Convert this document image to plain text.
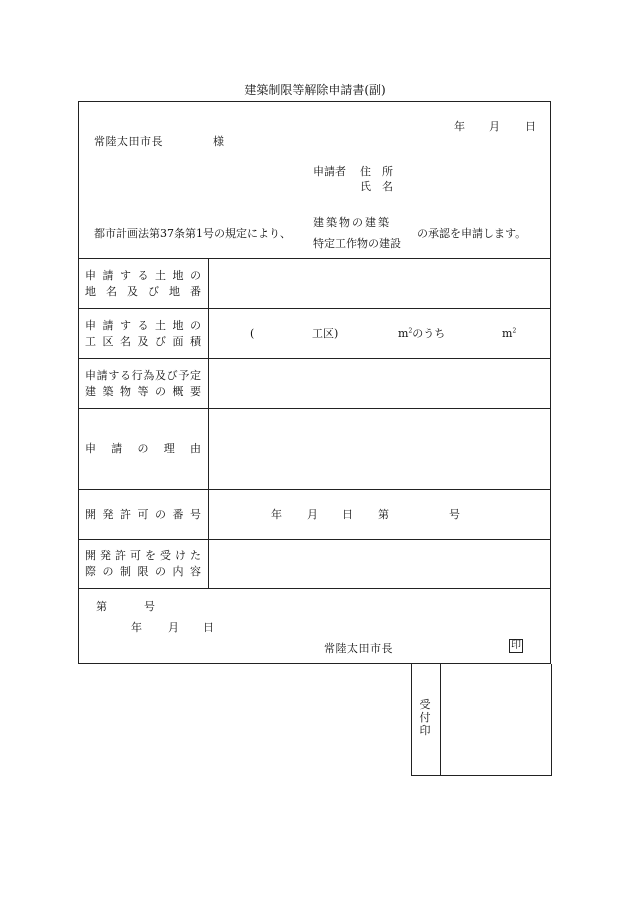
建築制限等解除申請書(副)
年 月 日
常陸太田市長	様
申請者 住　所
氏　名
都市計画法第37条第1号の規定により、
建築物の建築
特定工作物の建設
の承認を申請します。
申請する土地の
地名及び地番
申請する土地の
工区名及び面積
(	工区)	$m^2$のうち	$m^2$
申請する行為及び予定
建築物等の概要
申請の理由
開発許可の番号	年 月 日 第	号
開発許可を受けた
際の制限の内容
第	号
年 月 日
常陸太田市長	印
受付印
